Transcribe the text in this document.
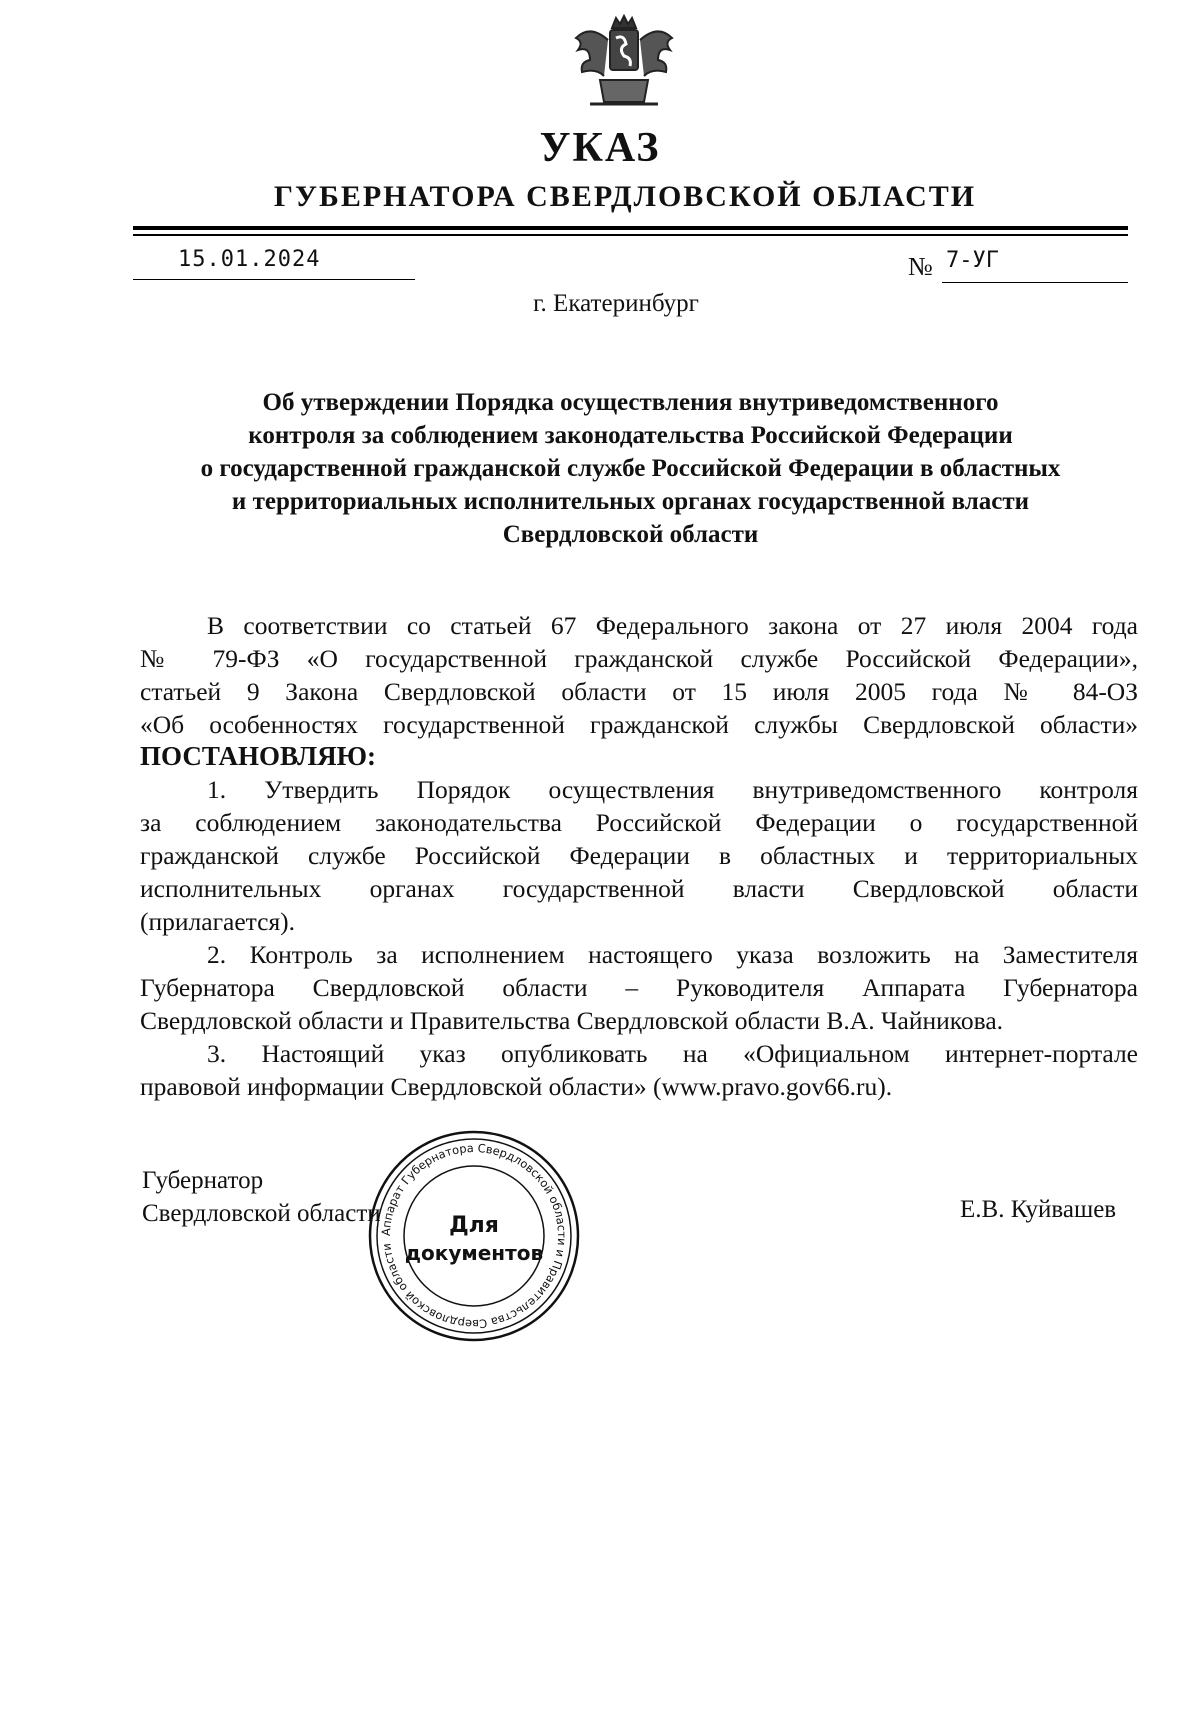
УКАЗ
ГУБЕРНАТОРА СВЕРДЛОВСКОЙ ОБЛАСТИ
15.01.2024	№ 7-УГ
г. Екатеринбург
Об утверждении Порядка осуществления внутриведомственного
контроля за соблюдением законодательства Российской Федерации
о государственной гражданской службе Российской Федерации в областных
и территориальных исполнительных органах государственной власти
Свердловской области
В соответствии со статьей 67 Федерального закона от 27 июля 2004 года
№ 79-ФЗ «О государственной гражданской службе Российской Федерации»,
статьей 9 Закона Свердловской области от 15 июля 2005 года № 84-ОЗ
«Об особенностях государственной гражданской службы Свердловской области»
ПОСТАНОВЛЯЮ:
1. Утвердить Порядок осуществления внутриведомственного контроля
за соблюдением законодательства Российской Федерации о государственной
гражданской службе Российской Федерации в областных и территориальных
исполнительных органах государственной власти Свердловской области
(прилагается).
2. Контроль за исполнением настоящего указа возложить на Заместителя
Губернатора Свердловской области – Руководителя Аппарата Губернатора
Свердловской области и Правительства Свердловской области В.А. Чайникова.
3. Настоящий указ опубликовать на «Официальном интернет-портале
правовой информации Свердловской области» (www.pravo.gov66.ru).
Губернатор
Свердловской области	Е.В. Куйвашев
Аппарат Губернатора Свердловской области и Правительства Свердловской области
Для
документов
